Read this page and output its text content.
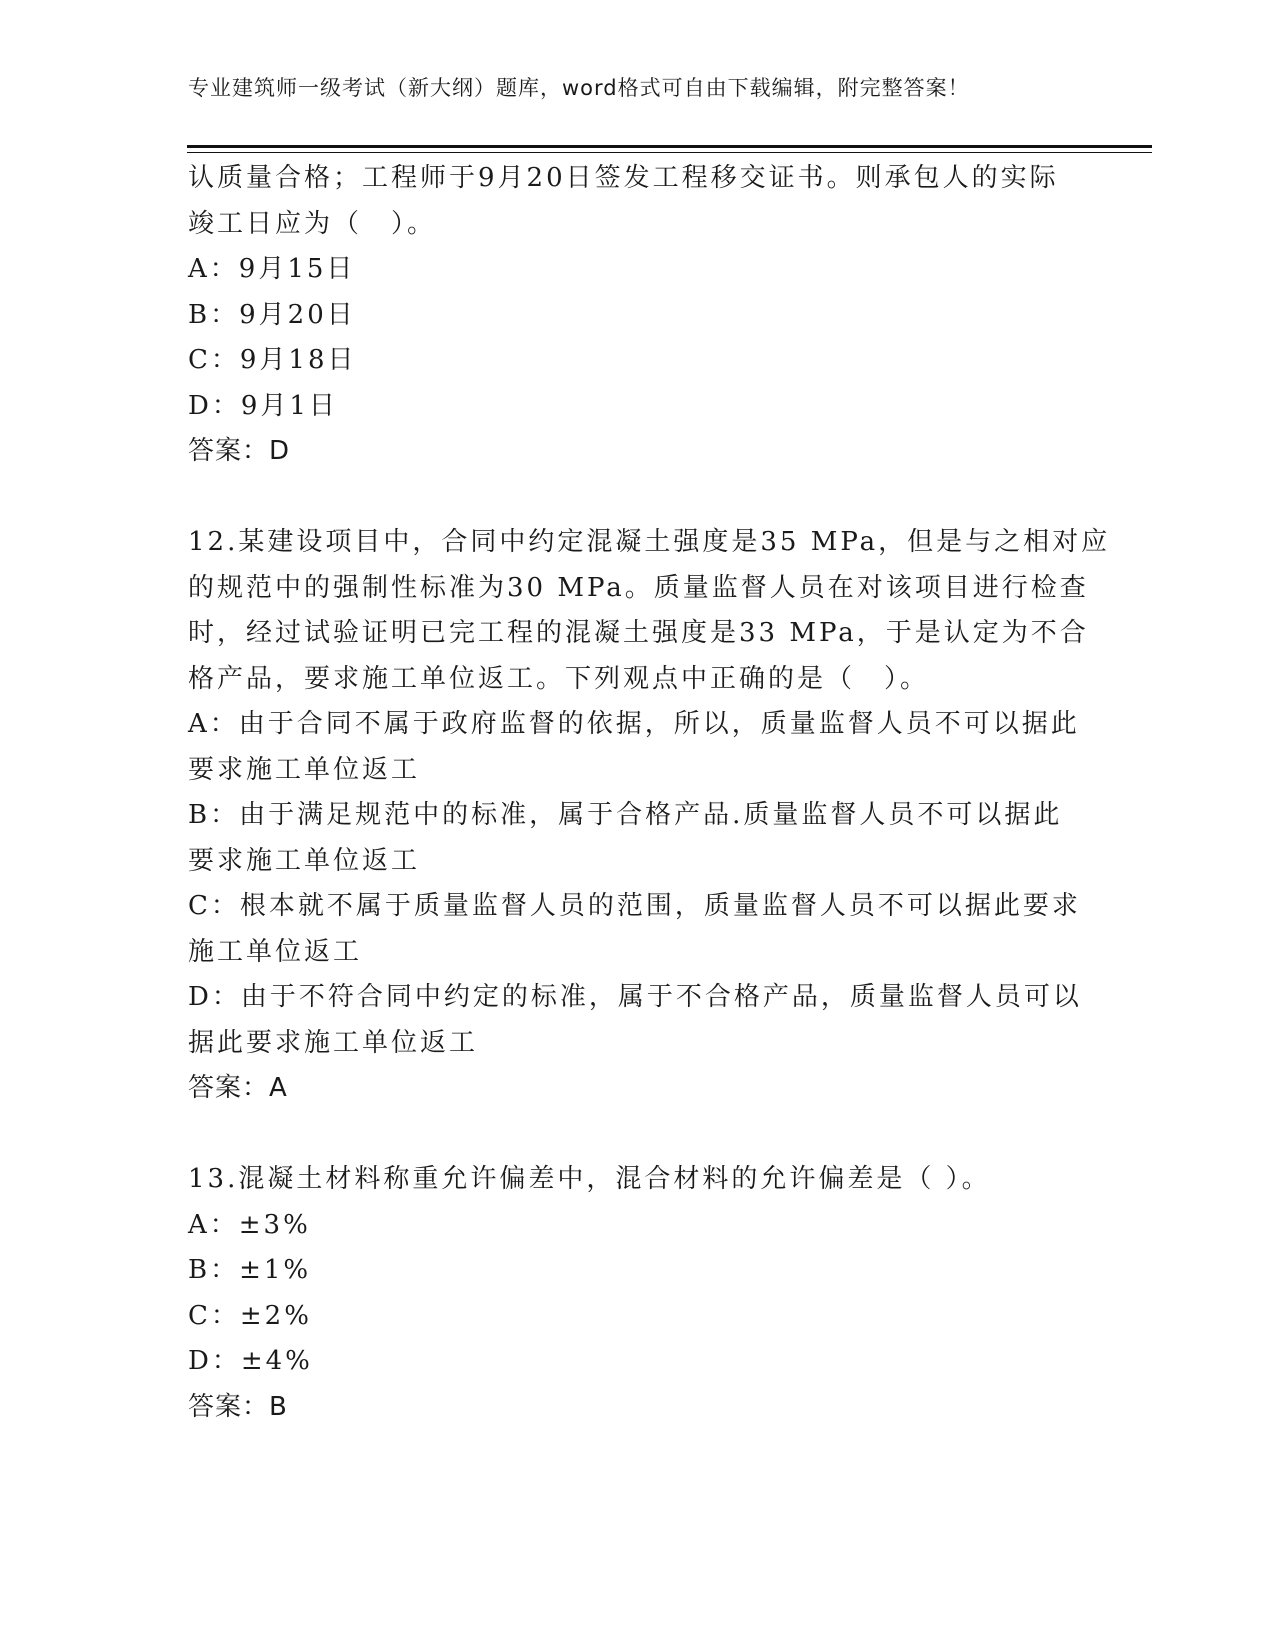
专业建筑师一级考试（新大纲）题库，word格式可自由下载编辑，附完整答案！
认质量合格；工程师于9月20日签发工程移交证书。则承包人的实际
竣工日应为（　）。
A：9月15日
B：9月20日
C：9月18日
D：9月1日
答案：D
12.某建设项目中，合同中约定混凝土强度是35 MPa，但是与之相对应
的规范中的强制性标准为30 MPa。质量监督人员在对该项目进行检查
时，经过试验证明已完工程的混凝土强度是33 MPa，于是认定为不合
格产品，要求施工单位返工。下列观点中正确的是（　）。
A：由于合同不属于政府监督的依据，所以，质量监督人员不可以据此
要求施工单位返工
B：由于满足规范中的标准，属于合格产品.质量监督人员不可以据此
要求施工单位返工
C：根本就不属于质量监督人员的范围，质量监督人员不可以据此要求
施工单位返工
D：由于不符合同中约定的标准，属于不合格产品，质量监督人员可以
据此要求施工单位返工
答案：A
13.混凝土材料称重允许偏差中，混合材料的允许偏差是（ ）。
A：±3%
B：±1%
C：±2%
D：±4%
答案：B
